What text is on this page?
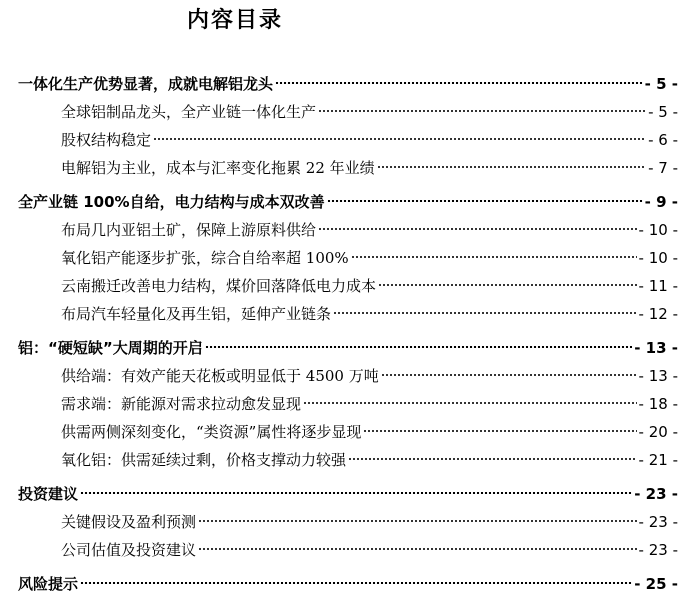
内容目录
一体化生产优势显著，成就电解铝龙头	- 5 -
全球铝制品龙头，全产业链一体化生产	- 5 -
股权结构稳定	- 6 -
电解铝为主业，成本与汇率变化拖累 22 年业绩	- 7 -
全产业链 100%自给，电力结构与成本双改善	- 9 -
布局几内亚铝土矿，保障上游原料供给	- 10 -
氧化铝产能逐步扩张，综合自给率超 100%	- 10 -
云南搬迁改善电力结构，煤价回落降低电力成本	- 11 -
布局汽车轻量化及再生铝，延伸产业链条	- 12 -
铝：“硬短缺”大周期的开启	- 13 -
供给端：有效产能天花板或明显低于 4500 万吨	- 13 -
需求端：新能源对需求拉动愈发显现	- 18 -
供需两侧深刻变化，“类资源”属性将逐步显现	- 20 -
氧化铝：供需延续过剩，价格支撑动力较强	- 21 -
投资建议	- 23 -
关键假设及盈利预测	- 23 -
公司估值及投资建议	- 23 -
风险提示	- 25 -
